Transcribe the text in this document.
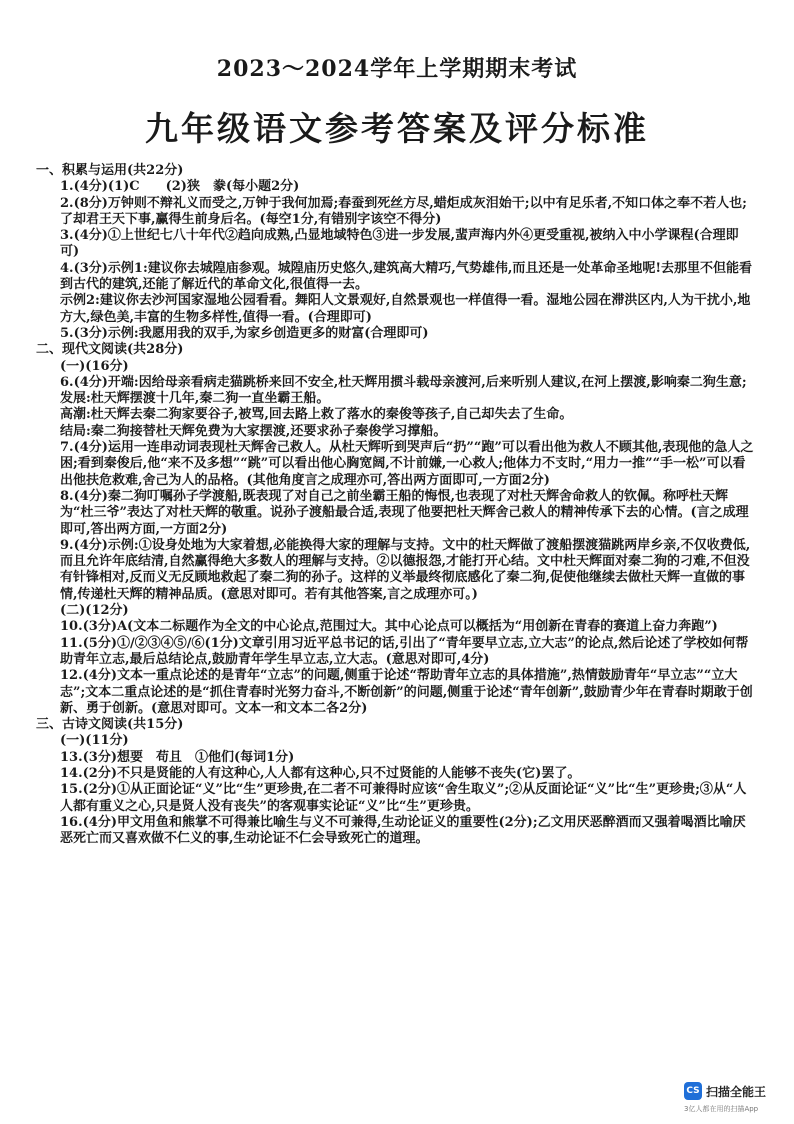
2023～2024学年上学期期末考试
九年级语文参考答案及评分标准

一、积累与运用(共22分)

1.(4分)(1)C　　(2)狭　豢(每小题2分)

2.(8分)万钟则不辩礼义而受之,万钟于我何加焉;春蚕到死丝方尽,蜡炬成灰泪始干;以中有足乐者,不知口体之奉不若人也;了却君王天下事,赢得生前身后名。(每空1分,有错别字该空不得分)

3.(4分)①上世纪七八十年代②趋向成熟,凸显地域特色③进一步发展,蜚声海内外④更受重视,被纳入中小学课程(合理即可)

4.(3分)示例1:建议你去城隍庙参观。城隍庙历史悠久,建筑高大精巧,气势雄伟,而且还是一处革命圣地呢!去那里不但能看到古代的建筑,还能了解近代的革命文化,很值得一去。

示例2:建议你去沙河国家湿地公园看看。舞阳人文景观好,自然景观也一样值得一看。湿地公园在滞洪区内,人为干扰小,地方大,绿色美,丰富的生物多样性,值得一看。(合理即可)

5.(3分)示例:我愿用我的双手,为家乡创造更多的财富(合理即可)

二、现代文阅读(共28分)

(一)(16分)

6.(4分)开端:因给母亲看病走猫跳桥来回不安全,杜天辉用掼斗载母亲渡河,后来听别人建议,在河上摆渡,影响秦二狗生意;

发展:杜天辉摆渡十几年,秦二狗一直坐霸王船。

高潮:杜天辉去秦二狗家要谷子,被骂,回去路上救了落水的秦俊等孩子,自己却失去了生命。

结局:秦二狗接替杜天辉免费为大家摆渡,还要求孙子秦俊学习撑船。

7.(4分)运用一连串动词表现杜天辉舍己救人。从杜天辉听到哭声后“扔”“跑”可以看出他为救人不顾其他,表现他的急人之困;看到秦俊后,他“来不及多想”“跳”可以看出他心胸宽阔,不计前嫌,一心救人;他体力不支时,“用力一推”“手一松”可以看出他扶危救难,舍己为人的品格。(其他角度言之成理亦可,答出两方面即可,一方面2分)

8.(4分)秦二狗叮嘱孙子学渡船,既表现了对自己之前坐霸王船的悔恨,也表现了对杜天辉舍命救人的钦佩。称呼杜天辉为“杜三爷”表达了对杜天辉的敬重。说孙子渡船最合适,表现了他要把杜天辉舍己救人的精神传承下去的心情。(言之成理即可,答出两方面,一方面2分)

9.(4分)示例:①设身处地为大家着想,必能换得大家的理解与支持。文中的杜天辉做了渡船摆渡猫跳两岸乡亲,不仅收费低,而且允许年底结清,自然赢得绝大多数人的理解与支持。②以德报怨,才能打开心结。文中杜天辉面对秦二狗的刁难,不但没有针锋相对,反而义无反顾地救起了秦二狗的孙子。这样的义举最终彻底感化了秦二狗,促使他继续去做杜天辉一直做的事情,传递杜天辉的精神品质。(意思对即可。若有其他答案,言之成理亦可。)

(二)(12分)

10.(3分)A(文本二标题作为全文的中心论点,范围过大。其中心论点可以概括为“用创新在青春的赛道上奋力奔跑”)

11.(5分)①/②③④⑤/⑥(1分)文章引用习近平总书记的话,引出了“青年要早立志,立大志”的论点,然后论述了学校如何帮助青年立志,最后总结论点,鼓励青年学生早立志,立大志。(意思对即可,4分)

12.(4分)文本一重点论述的是青年“立志”的问题,侧重于论述“帮助青年立志的具体措施”,热情鼓励青年“早立志”“立大志”;文本二重点论述的是“抓住青春时光努力奋斗,不断创新”的问题,侧重于论述“青年创新”,鼓励青少年在青春时期敢于创新、勇于创新。(意思对即可。文本一和文本二各2分)

三、古诗文阅读(共15分)

(一)(11分)

13.(3分)想要　苟且　①他们(每词1分)

14.(2分)不只是贤能的人有这种心,人人都有这种心,只不过贤能的人能够不丧失(它)罢了。

15.(2分)①从正面论证“义”比“生”更珍贵,在二者不可兼得时应该“舍生取义”;②从反面论证“义”比“生”更珍贵;③从“人人都有重义之心,只是贤人没有丧失”的客观事实论证“义”比“生”更珍贵。

16.(4分)甲文用鱼和熊掌不可得兼比喻生与义不可兼得,生动论证义的重要性(2分);乙文用厌恶醉酒而又强着喝酒比喻厌恶死亡而又喜欢做不仁义的事,生动论证不仁会导致死亡的道理。

CS 扫描全能王
3亿人都在用的扫描App
